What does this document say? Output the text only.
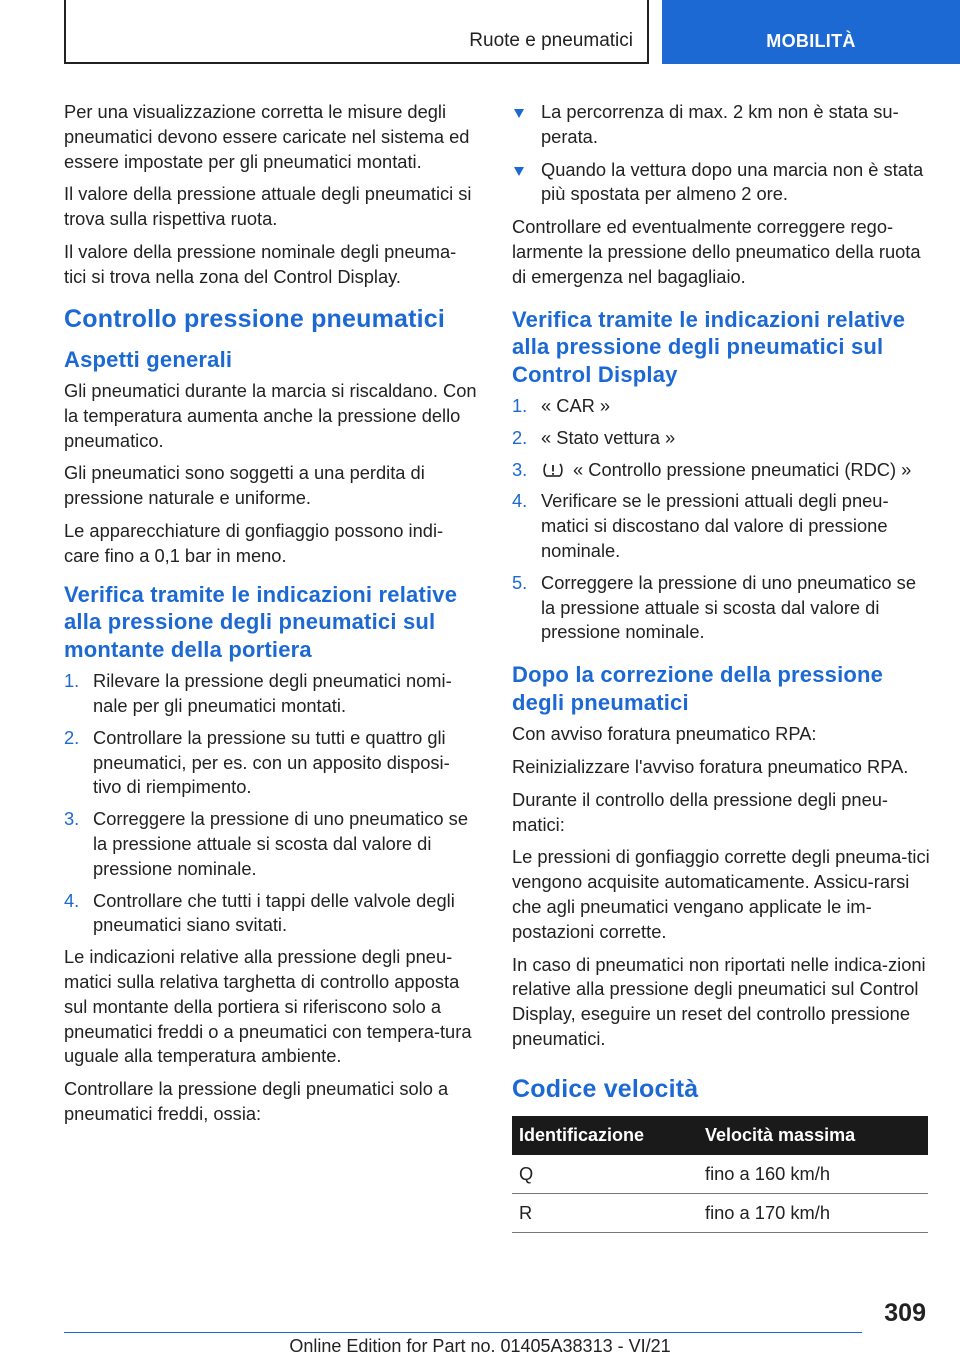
Ruote e pneumatici	MOBILITÀ

Per una visualizzazione corretta le misure degli pneumatici devono essere caricate nel sistema ed essere impostate per gli pneumatici montati.

Il valore della pressione attuale degli pneumatici si trova sulla rispettiva ruota.

Il valore della pressione nominale degli pneuma‐tici si trova nella zona del Control Display.

Controllo pressione pneumatici
Aspetti generali

Gli pneumatici durante la marcia si riscaldano. Con la temperatura aumenta anche la pressione dello pneumatico.

Gli pneumatici sono soggetti a una perdita di pressione naturale e uniforme.

Le apparecchiature di gonfiaggio possono indi‐care fino a 0,1 bar in meno.

Verifica tramite le indicazioni relative alla pressione degli pneumatici sul montante della portiera
1. Rilevare la pressione degli pneumatici nomi‐nale per gli pneumatici montati.
2. Controllare la pressione su tutti e quattro gli pneumatici, per es. con un apposito disposi‐tivo di riempimento.
3. Correggere la pressione di uno pneumatico se la pressione attuale si scosta dal valore di pressione nominale.
4. Controllare che tutti i tappi delle valvole degli pneumatici siano svitati.

Le indicazioni relative alla pressione degli pneu‐matici sulla relativa targhetta di controllo apposta sul montante della portiera si riferiscono solo a pneumatici freddi o a pneumatici con tempera‐tura uguale alla temperatura ambiente.

Controllare la pressione degli pneumatici solo a pneumatici freddi, ossia:

La percorrenza di max. 2 km non è stata su‐perata.
Quando la vettura dopo una marcia non è stata più spostata per almeno 2 ore.

Controllare ed eventualmente correggere rego‐larmente la pressione dello pneumatico della ruota di emergenza nel bagagliaio.

Verifica tramite le indicazioni relative alla pressione degli pneumatici sul Control Display
1. « CAR »
2. « Stato vettura »
3.	« Controllo pressione pneumatici (RDC) »
4. Verificare se le pressioni attuali degli pneu‐matici si discostano dal valore di pressione nominale.
5. Correggere la pressione di uno pneumatico se la pressione attuale si scosta dal valore di pressione nominale.
Dopo la correzione della pressione degli pneumatici

Con avviso foratura pneumatico RPA:

Reinizializzare l'avviso foratura pneumatico RPA.

Durante il controllo della pressione degli pneu‐matici:

Le pressioni di gonfiaggio corrette degli pneuma‐tici vengono acquisite automaticamente. Assicu‐rarsi che agli pneumatici vengano applicate le im‐postazioni corrette.

In caso di pneumatici non riportati nelle indica‐zioni relative alla pressione degli pneumatici sul Control Display, eseguire un reset del controllo pressione pneumatici.

Codice velocità
Identificazione	Velocità massima
Q	fino a 160 km/h
R	fino a 170 km/h
309
Online Edition for Part no. 01405A38313 - VI/21
